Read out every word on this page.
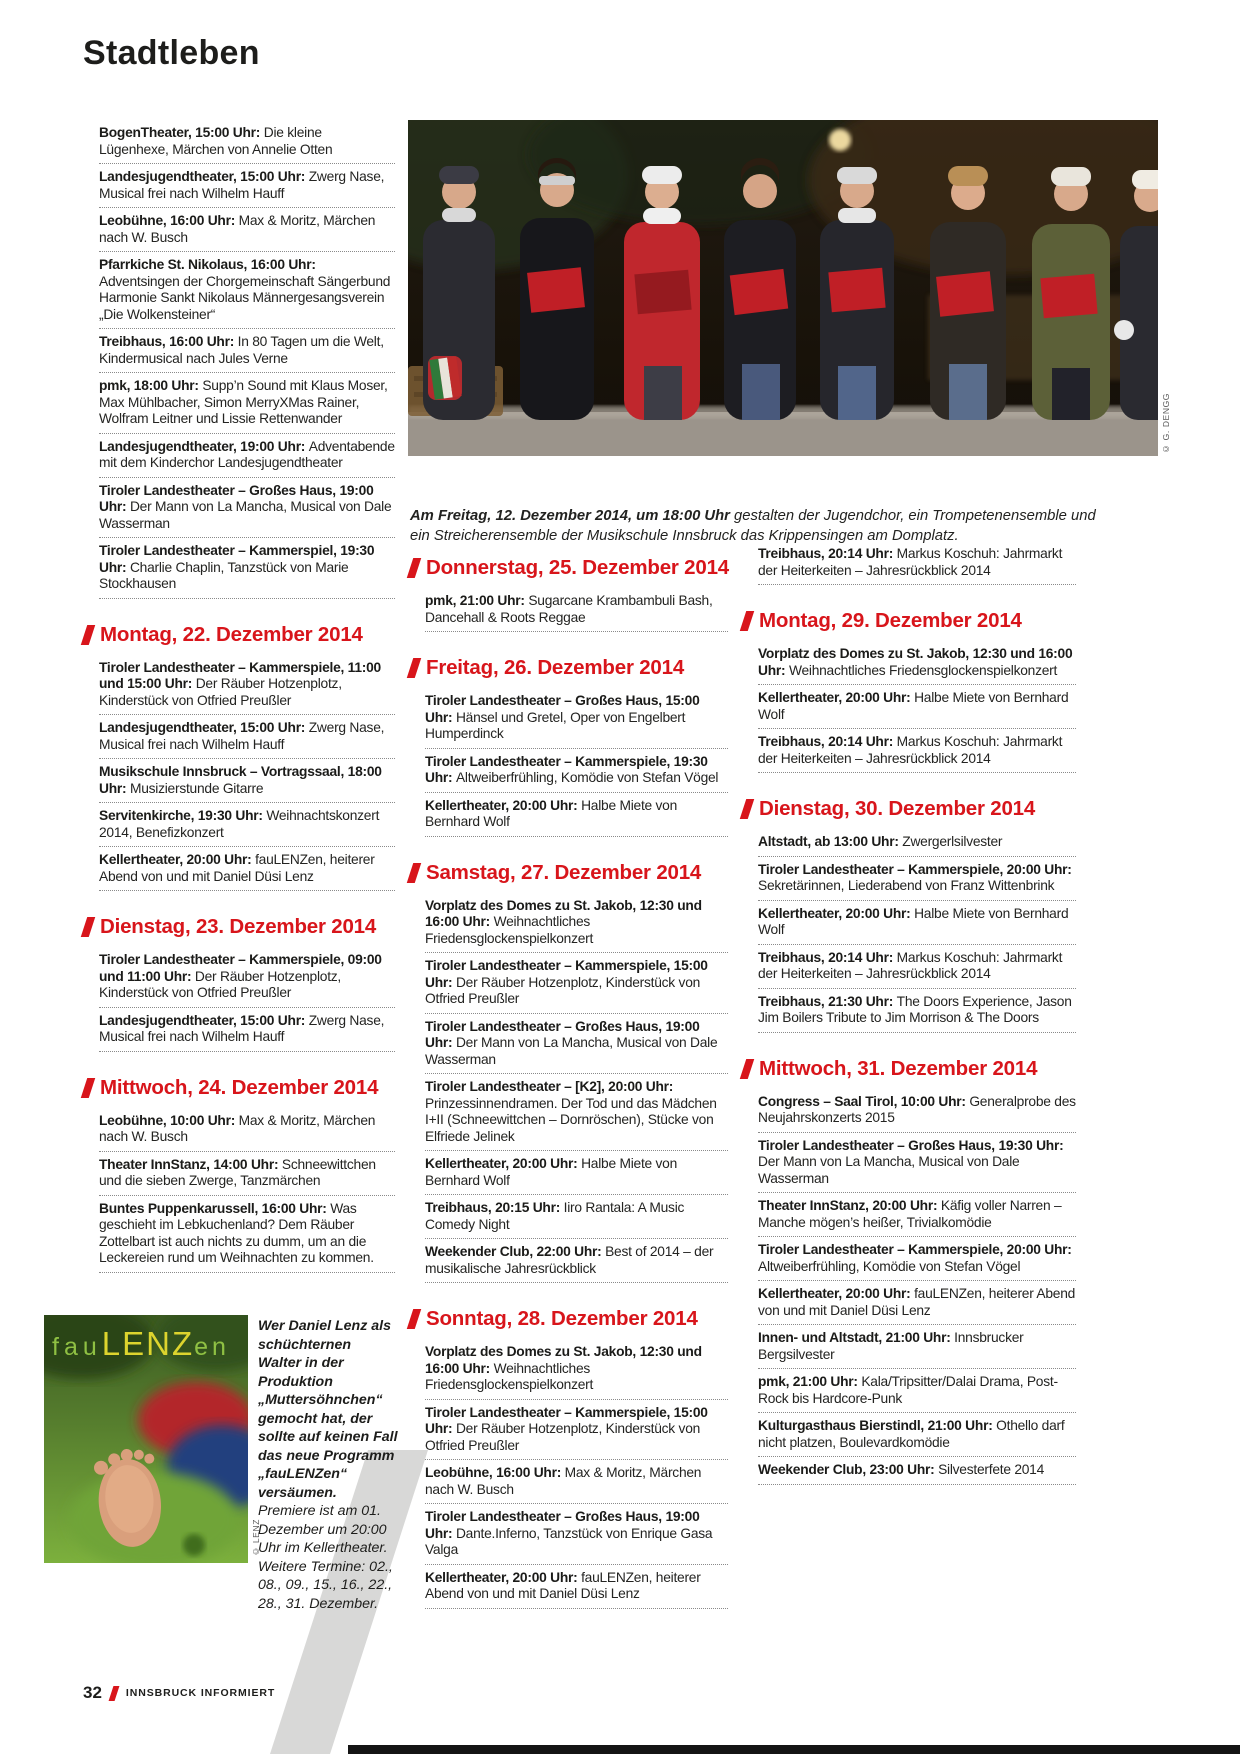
Stadtleben
© G. DENGG

Am Freitag, 12. Dezember 2014, um 18:00 Uhr gestalten der Jugendchor, ein Trompetenensemble und ein Streicherensemble der Musikschule Innsbruck das Krippensingen am Domplatz.

BogenTheater, 15:00 Uhr: Die kleine Lügenhexe, Märchen von Annelie Otten

Landesjugendtheater, 15:00 Uhr: Zwerg Nase, Musical frei nach Wilhelm Hauff

Leobühne, 16:00 Uhr: Max & Moritz, Märchen nach W. Busch

Pfarrkiche St. Nikolaus, 16:00 Uhr: Adventsingen der Chorgemeinschaft Sängerbund Harmonie Sankt Nikolaus Männergesangsverein „Die Wolkensteiner“

Treibhaus, 16:00 Uhr: In 80 Tagen um die Welt, Kindermusical nach Jules Verne

pmk, 18:00 Uhr: Supp’n Sound mit Klaus Moser, Max Mühlbacher, Simon MerryXMas Rainer, Wolfram Leitner und Lissie Rettenwander

Landesjugendtheater, 19:00 Uhr: Adventabende mit dem Kinderchor Landesjugendtheater

Tiroler Landestheater – Großes Haus, 19:00 Uhr: Der Mann von La Mancha, Musical von Dale Wasserman

Tiroler Landestheater – Kammerspiel, 19:30 Uhr: Charlie Chaplin, Tanzstück von Marie Stockhausen

Montag, 22. Dezember 2014

Tiroler Landestheater – Kammerspiele, 11:00 und 15:00 Uhr: Der Räuber Hotzenplotz, Kinderstück von Otfried Preußler

Landesjugendtheater, 15:00 Uhr: Zwerg Nase, Musical frei nach Wilhelm Hauff

Musikschule Innsbruck – Vortragssaal, 18:00 Uhr: Musizierstunde Gitarre

Servitenkirche, 19:30 Uhr: Weihnachtskonzert 2014, Benefizkonzert

Kellertheater, 20:00 Uhr: fauLENZen, heiterer Abend von und mit Daniel Düsi Lenz

Dienstag, 23. Dezember 2014

Tiroler Landestheater – Kammerspiele, 09:00 und 11:00 Uhr: Der Räuber Hotzenplotz, Kinderstück von Otfried Preußler

Landesjugendtheater, 15:00 Uhr: Zwerg Nase, Musical frei nach Wilhelm Hauff

Mittwoch, 24. Dezember 2014

Leobühne, 10:00 Uhr: Max & Moritz, Märchen nach W. Busch

Theater InnStanz, 14:00 Uhr: Schneewittchen und die sieben Zwerge, Tanzmärchen

Buntes Puppenkarussell, 16:00 Uhr: Was geschieht im Lebkuchenland? Dem Räuber Zottelbart ist auch nichts zu dumm, um an die Leckereien rund um Weihnachten zu kommen.

Donnerstag, 25. Dezember 2014

pmk, 21:00 Uhr: Sugarcane Krambambuli Bash, Dancehall & Roots Reggae

Freitag, 26. Dezember 2014

Tiroler Landestheater – Großes Haus, 15:00 Uhr: Hänsel und Gretel, Oper von Engelbert Humperdinck

Tiroler Landestheater – Kammerspiele, 19:30 Uhr: Altweiberfrühling, Komödie von Stefan Vögel

Kellertheater, 20:00 Uhr: Halbe Miete von Bernhard Wolf

Samstag, 27. Dezember 2014

Vorplatz des Domes zu St. Jakob, 12:30 und 16:00 Uhr: Weihnachtliches Friedensglockenspielkonzert

Tiroler Landestheater – Kammerspiele, 15:00 Uhr: Der Räuber Hotzenplotz, Kinderstück von Otfried Preußler

Tiroler Landestheater – Großes Haus, 19:00 Uhr: Der Mann von La Mancha, Musical von Dale Wasserman

Tiroler Landestheater – [K2], 20:00 Uhr: Prinzessinnendramen. Der Tod und das Mädchen I+II (Schneewittchen – Dornröschen), Stücke von Elfriede Jelinek

Kellertheater, 20:00 Uhr: Halbe Miete von Bernhard Wolf

Treibhaus, 20:15 Uhr: Iiro Rantala: A Music Comedy Night

Weekender Club, 22:00 Uhr: Best of 2014 – der musikalische Jahresrückblick

Sonntag, 28. Dezember 2014

Vorplatz des Domes zu St. Jakob, 12:30 und 16:00 Uhr: Weihnachtliches Friedensglockenspielkonzert

Tiroler Landestheater – Kammerspiele, 15:00 Uhr: Der Räuber Hotzenplotz, Kinderstück von Otfried Preußler

Leobühne, 16:00 Uhr: Max & Moritz, Märchen nach W. Busch

Tiroler Landestheater – Großes Haus, 19:00 Uhr: Dante.Inferno, Tanzstück von Enrique Gasa Valga

Kellertheater, 20:00 Uhr: fauLENZen, heiterer Abend von und mit Daniel Düsi Lenz

Treibhaus, 20:14 Uhr: Markus Koschuh: Jahrmarkt der Heiterkeiten – Jahresrückblick 2014

Montag, 29. Dezember 2014

Vorplatz des Domes zu St. Jakob, 12:30 und 16:00 Uhr: Weihnachtliches Friedensglockenspielkonzert

Kellertheater, 20:00 Uhr: Halbe Miete von Bernhard Wolf

Treibhaus, 20:14 Uhr: Markus Koschuh: Jahrmarkt der Heiterkeiten – Jahresrückblick 2014

Dienstag, 30. Dezember 2014

Altstadt, ab 13:00 Uhr: Zwergerlsilvester

Tiroler Landestheater – Kammerspiele, 20:00 Uhr: Sekretärinnen, Liederabend von Franz Wittenbrink

Kellertheater, 20:00 Uhr: Halbe Miete von Bernhard Wolf

Treibhaus, 20:14 Uhr: Markus Koschuh: Jahrmarkt der Heiterkeiten – Jahresrückblick 2014

Treibhaus, 21:30 Uhr: The Doors Experience, Jason Jim Boilers Tribute to Jim Morrison & The Doors

Mittwoch, 31. Dezember 2014

Congress – Saal Tirol, 10:00 Uhr: Generalprobe des Neujahrskonzerts 2015

Tiroler Landestheater – Großes Haus, 19:30 Uhr: Der Mann von La Mancha, Musical von Dale Wasserman

Theater InnStanz, 20:00 Uhr: Käfig voller Narren – Manche mögen’s heißer, Trivialkomödie

Tiroler Landestheater – Kammerspiele, 20:00 Uhr: Altweiberfrühling, Komödie von Stefan Vögel

Kellertheater, 20:00 Uhr: fauLENZen, heiterer Abend von und mit Daniel Düsi Lenz

Innen- und Altstadt, 21:00 Uhr: Innsbrucker Bergsilvester

pmk, 21:00 Uhr: Kala/Tripsitter/Dalai Drama, Post-Rock bis Hardcore-Punk

Kulturgasthaus Bierstindl, 21:00 Uhr: Othello darf nicht platzen, Boulevardkomödie

Weekender Club, 23:00 Uhr: Silvesterfete 2014

fauLENZen
© LENZ

Wer Daniel Lenz als schüchternen Walter in der Produktion „Muttersöhnchen“ gemocht hat, der sollte auf keinen Fall das neue Programm „fauLENZen“ versäumen. Premiere ist am 01. Dezember um 20:00 Uhr im Kellertheater. Weitere Termine: 02., 08., 09., 15., 16., 22., 28., 31. Dezember.

32 INNSBRUCK INFORMIERT
